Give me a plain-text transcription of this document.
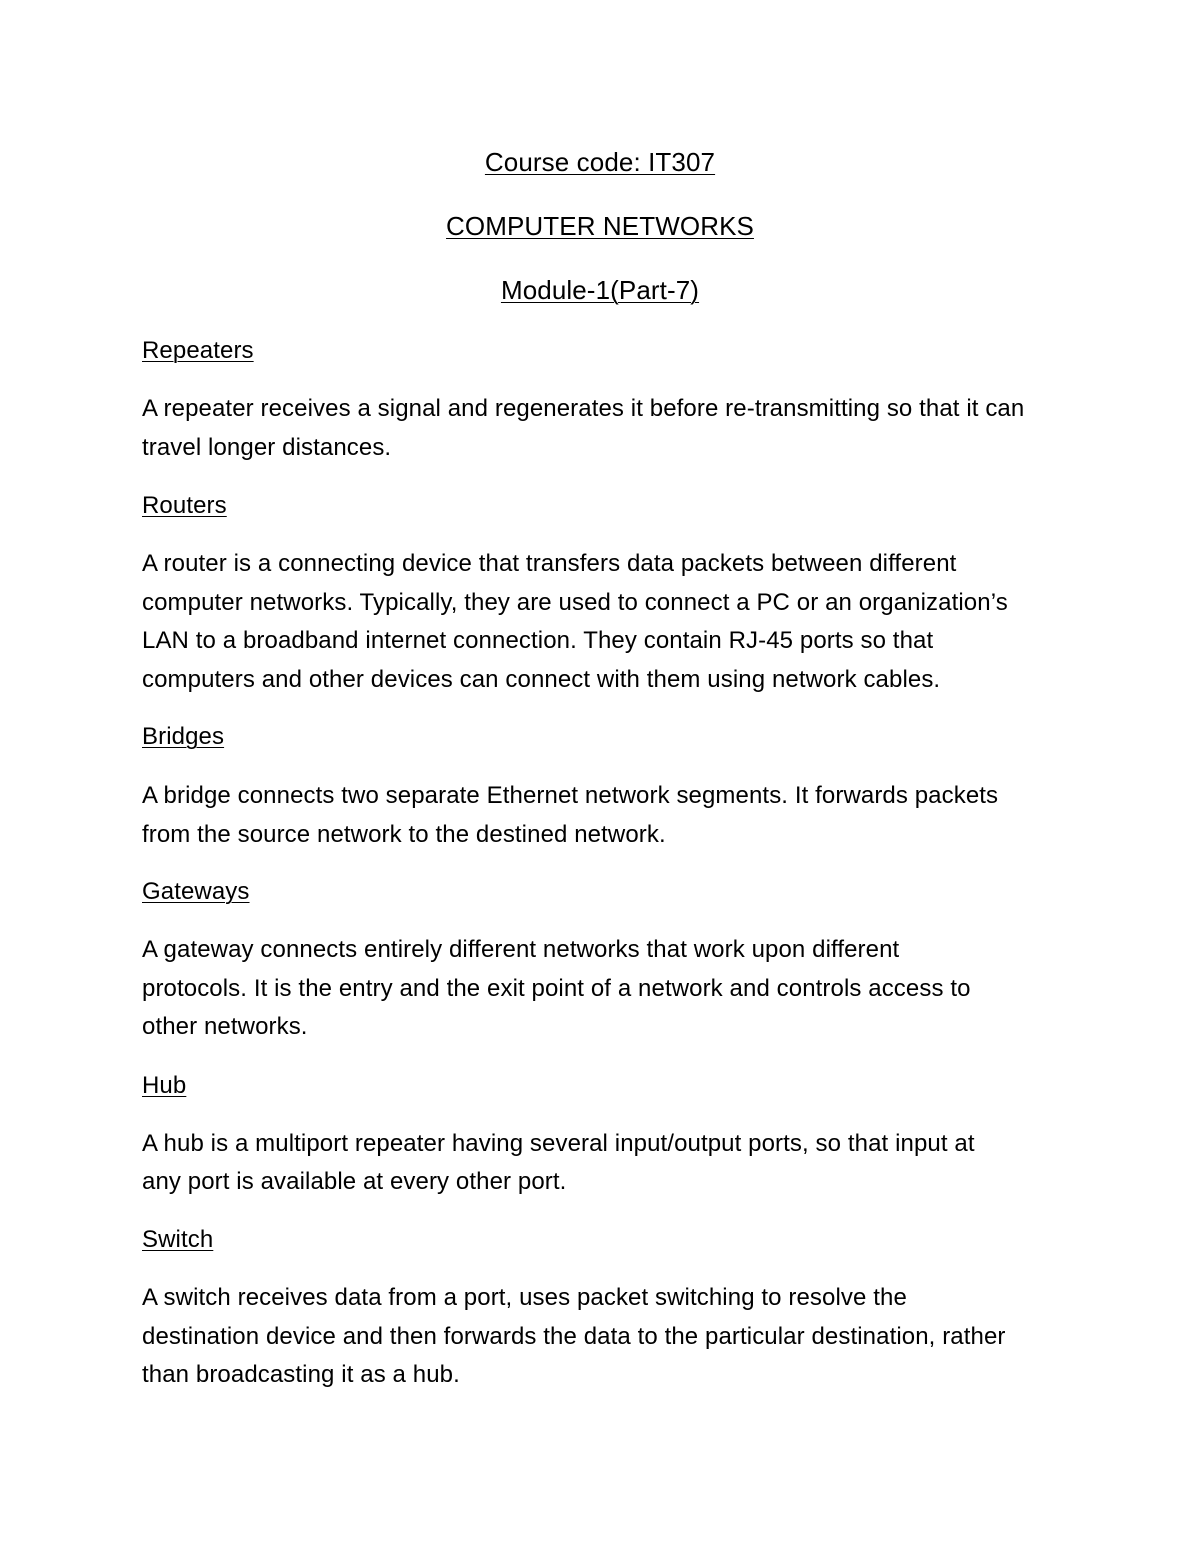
Course code: IT307
COMPUTER NETWORKS
Module-1(Part-7)
Repeaters
A repeater receives a signal and regenerates it before re-transmitting so that it can
travel longer distances.
Routers
A router is a connecting device that transfers data packets between different
computer networks. Typically, they are used to connect a PC or an organization’s
LAN to a broadband internet connection. They contain RJ-45 ports so that
computers and other devices can connect with them using network cables.
Bridges
A bridge connects two separate Ethernet network segments. It forwards packets
from the source network to the destined network.
Gateways
A gateway connects entirely different networks that work upon different
protocols. It is the entry and the exit point of a network and controls access to
other networks.
Hub
A hub is a multiport repeater having several input/output ports, so that input at
any port is available at every other port.
Switch
A switch receives data from a port, uses packet switching to resolve the
destination device and then forwards the data to the particular destination, rather
than broadcasting it as a hub.
